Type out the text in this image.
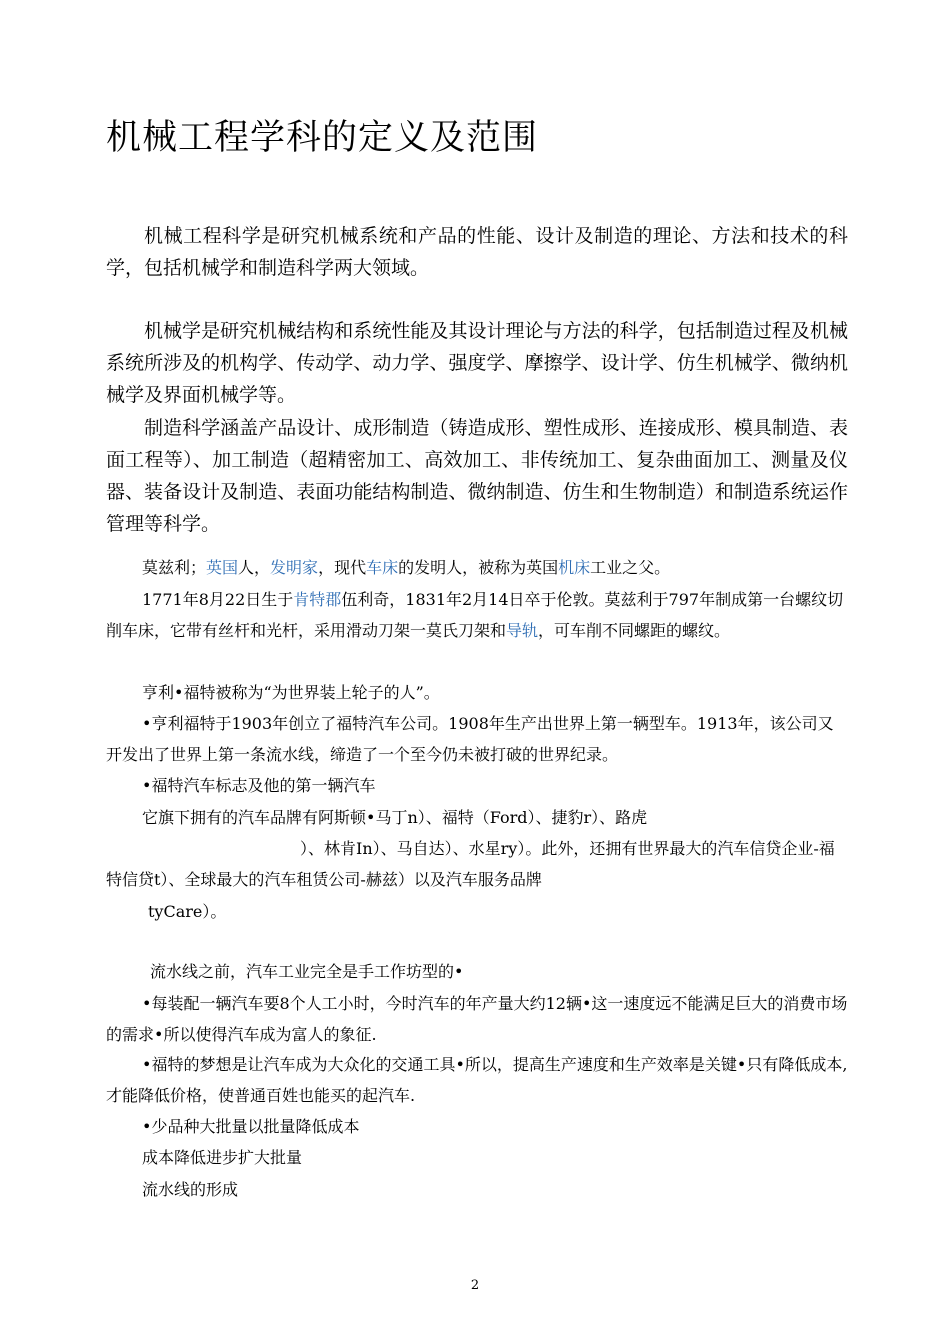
机械工程学科的定义及范围

机械工程科学是研究机械系统和产品的性能、设计及制造的理论、方法和技术的科学，包括机械学和制造科学两大领域。

机械学是研究机械结构和系统性能及其设计理论与方法的科学，包括制造过程及机械系统所涉及的机构学、传动学、动力学、强度学、摩擦学、设计学、仿生机械学、微纳机械学及界面机械学等。

制造科学涵盖产品设计、成形制造（铸造成形、塑性成形、连接成形、模具制造、表面工程等）、加工制造（超精密加工、高效加工、非传统加工、复杂曲面加工、测量及仪器、装备设计及制造、表面功能结构制造、微纳制造、仿生和生物制造）和制造系统运作管理等科学。

莫兹利；英国人，发明家，现代车床的发明人，被称为英国机床工业之父。

1771年8月22日生于肯特郡伍利奇，1831年2月14日卒于伦敦。莫兹利于797年制成第一台螺纹切削车床，它带有丝杆和光杆，采用滑动刀架一莫氏刀架和导轨，可车削不同螺距的螺纹。

亨利•福特被称为“为世界装上轮子的人”。

•亨利福特于1903年创立了福特汽车公司。1908年生产出世界上第一辆型车。1913年，该公司又开发出了世界上第一条流水线，缔造了一个至今仍未被打破的世界纪录。

•福特汽车标志及他的第一辆汽车

它旗下拥有的汽车品牌有阿斯顿•马丁n）、福特（Ford）、捷豹r）、路虎

）、林肯In）、马自达）、水星ry）。此外，还拥有世界最大的汽车信贷企业-福特信贷t）、全球最大的汽车租赁公司-赫兹）以及汽车服务品牌

tyCare）。

流水线之前，汽车工业完全是手工作坊型的•

•每装配一辆汽车要8个人工小时，今时汽车的年产量大约12辆•这一速度远不能满足巨大的消费市场的需求•所以使得汽车成为富人的象征.

•福特的梦想是让汽车成为大众化的交通工具•所以，提高生产速度和生产效率是关键•只有降低成本,才能降低价格，使普通百姓也能买的起汽车.

•少品种大批量以批量降低成本

成本降低进步扩大批量

流水线的形成

2
